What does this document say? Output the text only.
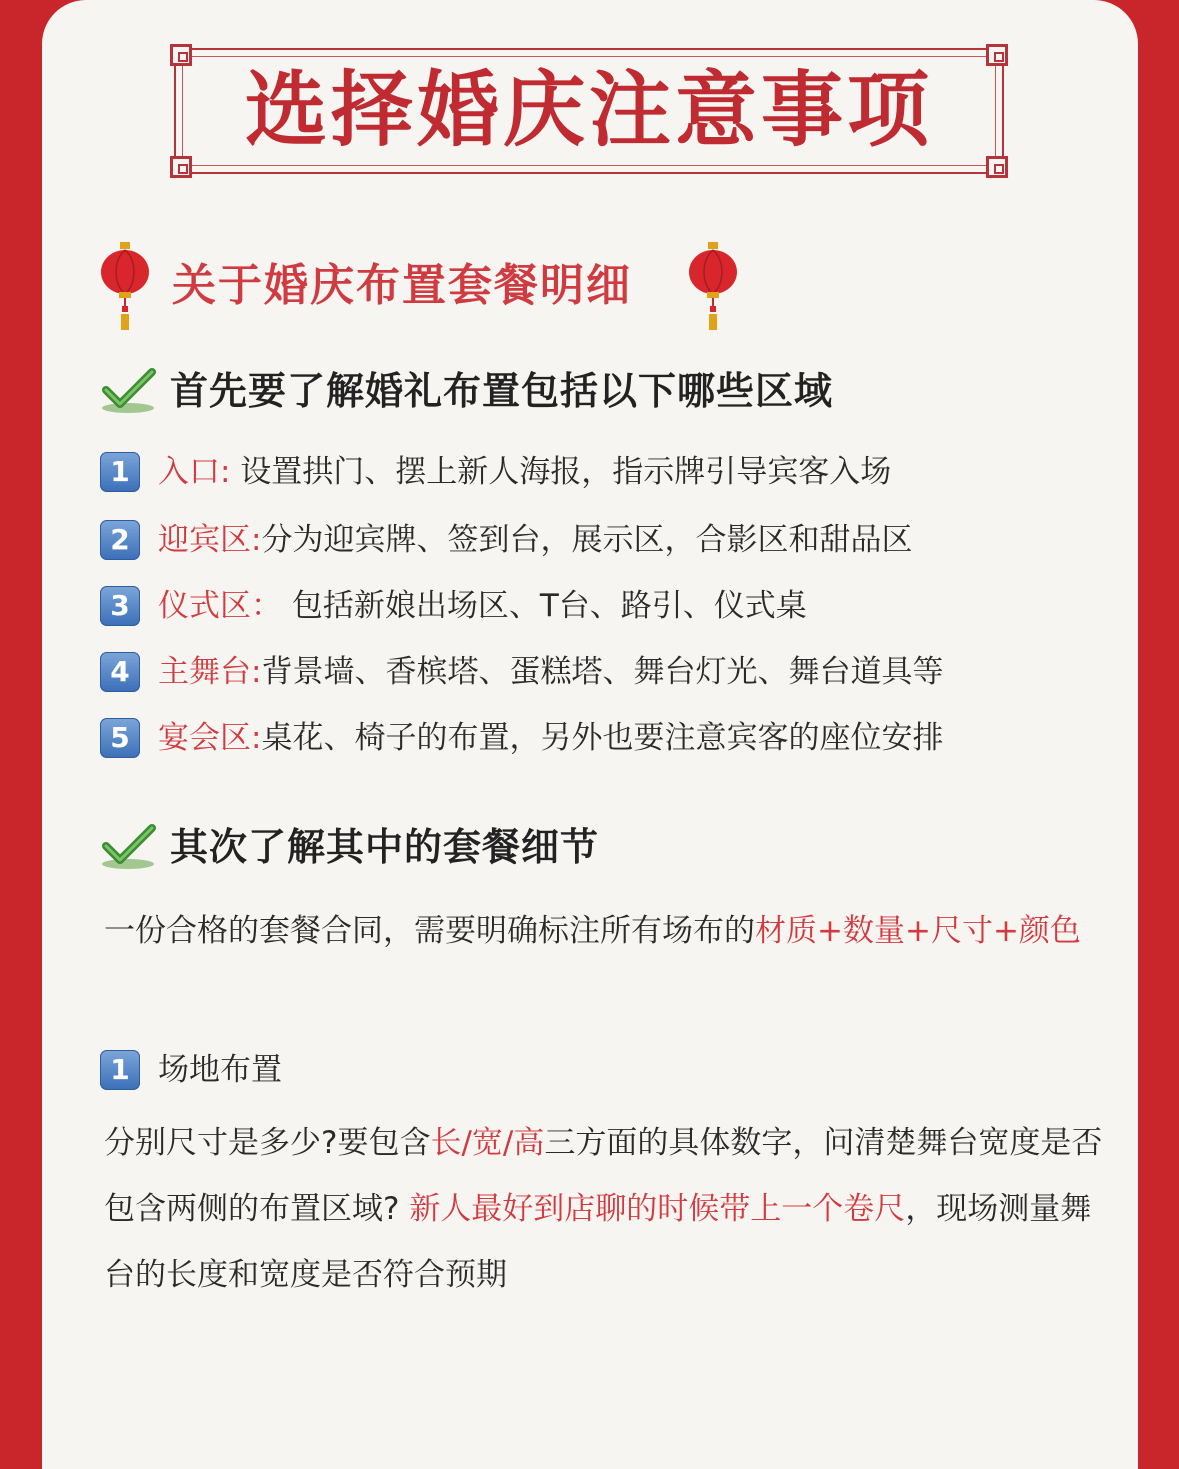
选择婚庆注意事项
关于婚庆布置套餐明细
首先要了解婚礼布置包括以下哪些区域
1 入口: 设置拱门、摆上新人海报，指示牌引导宾客入场
2 迎宾区:分为迎宾牌、签到台，展示区，合影区和甜品区
3 仪式区： 包括新娘出场区、T台、路引、仪式桌
4 主舞台:背景墙、香槟塔、蛋糕塔、舞台灯光、舞台道具等
5 宴会区:桌花、椅子的布置，另外也要注意宾客的座位安排
其次了解其中的套餐细节
一份合格的套餐合同，需要明确标注所有场布的材质+数量+尺寸+颜色
1 场地布置
分别尺寸是多少?要包含长/宽/高三方面的具体数字，问清楚舞台宽度是否包含两侧的布置区域? 新人最好到店聊的时候带上一个卷尺，现场测量舞台的长度和宽度是否符合预期
